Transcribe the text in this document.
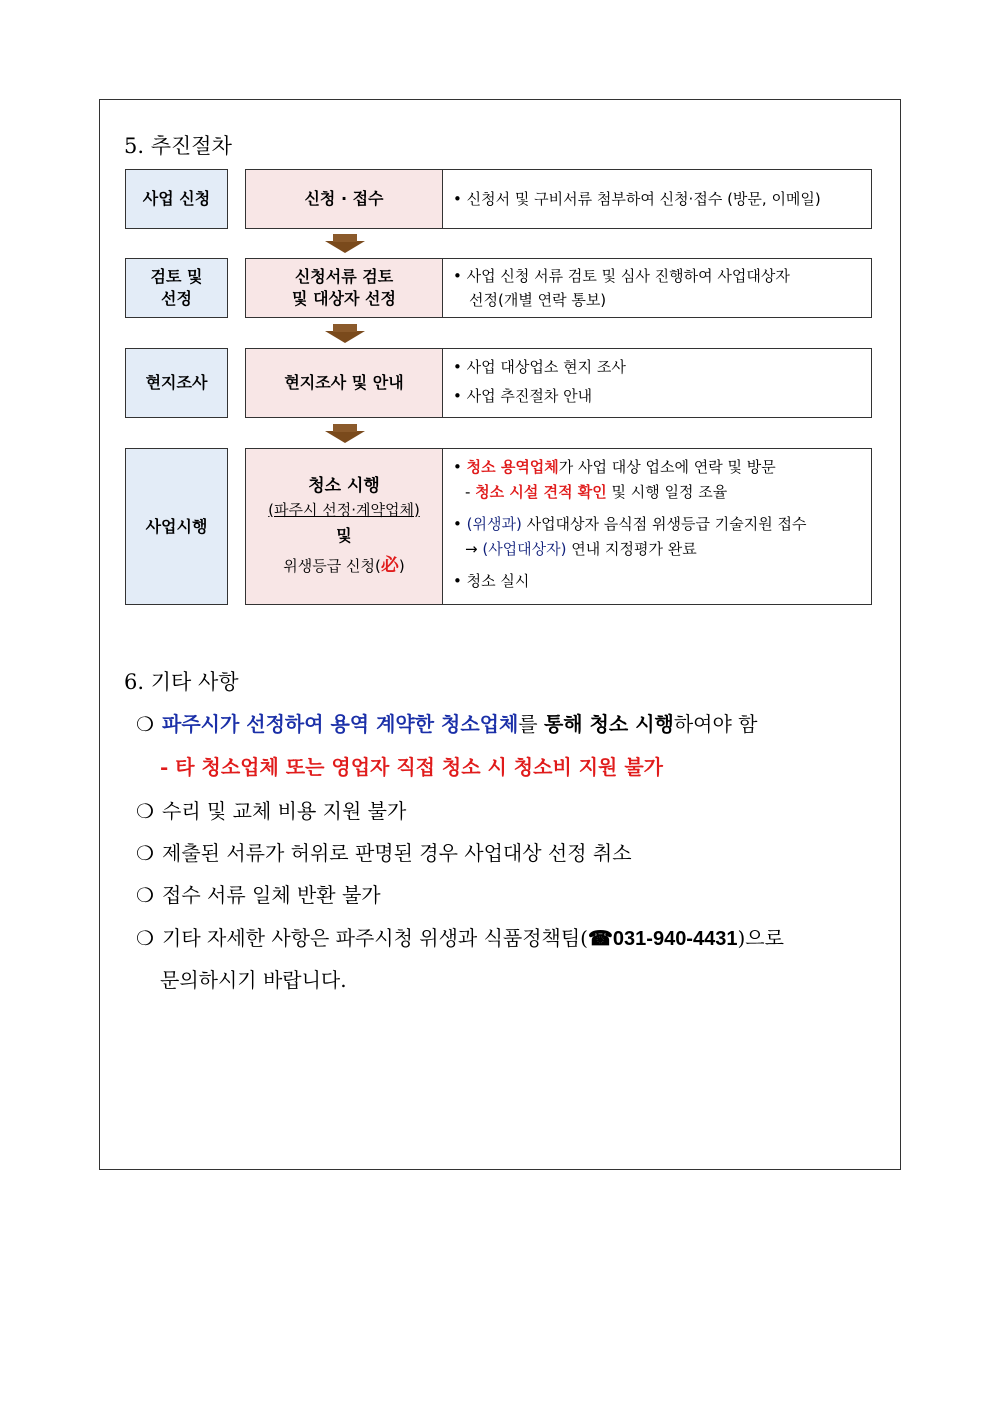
5. 추진절차
사업 신청	신청 · 접수
•	신청서 및 구비서류 첨부하여 신청·접수 (방문, 이메일)
검토 및
선정
신청서류 검토
및 대상자 선정
• 사업 신청 서류 검토 및 심사 진행하여 사업대상자
선정(개별 연락 통보)
현지조사	현지조사 및 안내
• 사업 대상업소 현지 조사
• 사업 추진절차 안내
사업시행
청소 시행
(파주시 선정·계약업체)
및
위생등급 신청(必)
• 청소 용역업체가 사업 대상 업소에 연락 및 방문
- 청소 시설 견적 확인 및 시행 일정 조율
• (위생과) 사업대상자 음식점 위생등급 기술지원 접수
→ (사업대상자) 연내 지정평가 완료
• 청소 실시
6. 기타 사항
❍ 파주시가 선정하여 용역 계약한 청소업체를 통해 청소 시행하여야 함
- 타 청소업체 또는 영업자 직접 청소 시 청소비 지원 불가
❍ 수리 및 교체 비용 지원 불가
❍ 제출된 서류가 허위로 판명된 경우 사업대상 선정 취소
❍ 접수 서류 일체 반환 불가
❍ 기타 자세한 사항은 파주시청 위생과 식품정책팀(☎031-940-4431)으로
문의하시기 바랍니다.
